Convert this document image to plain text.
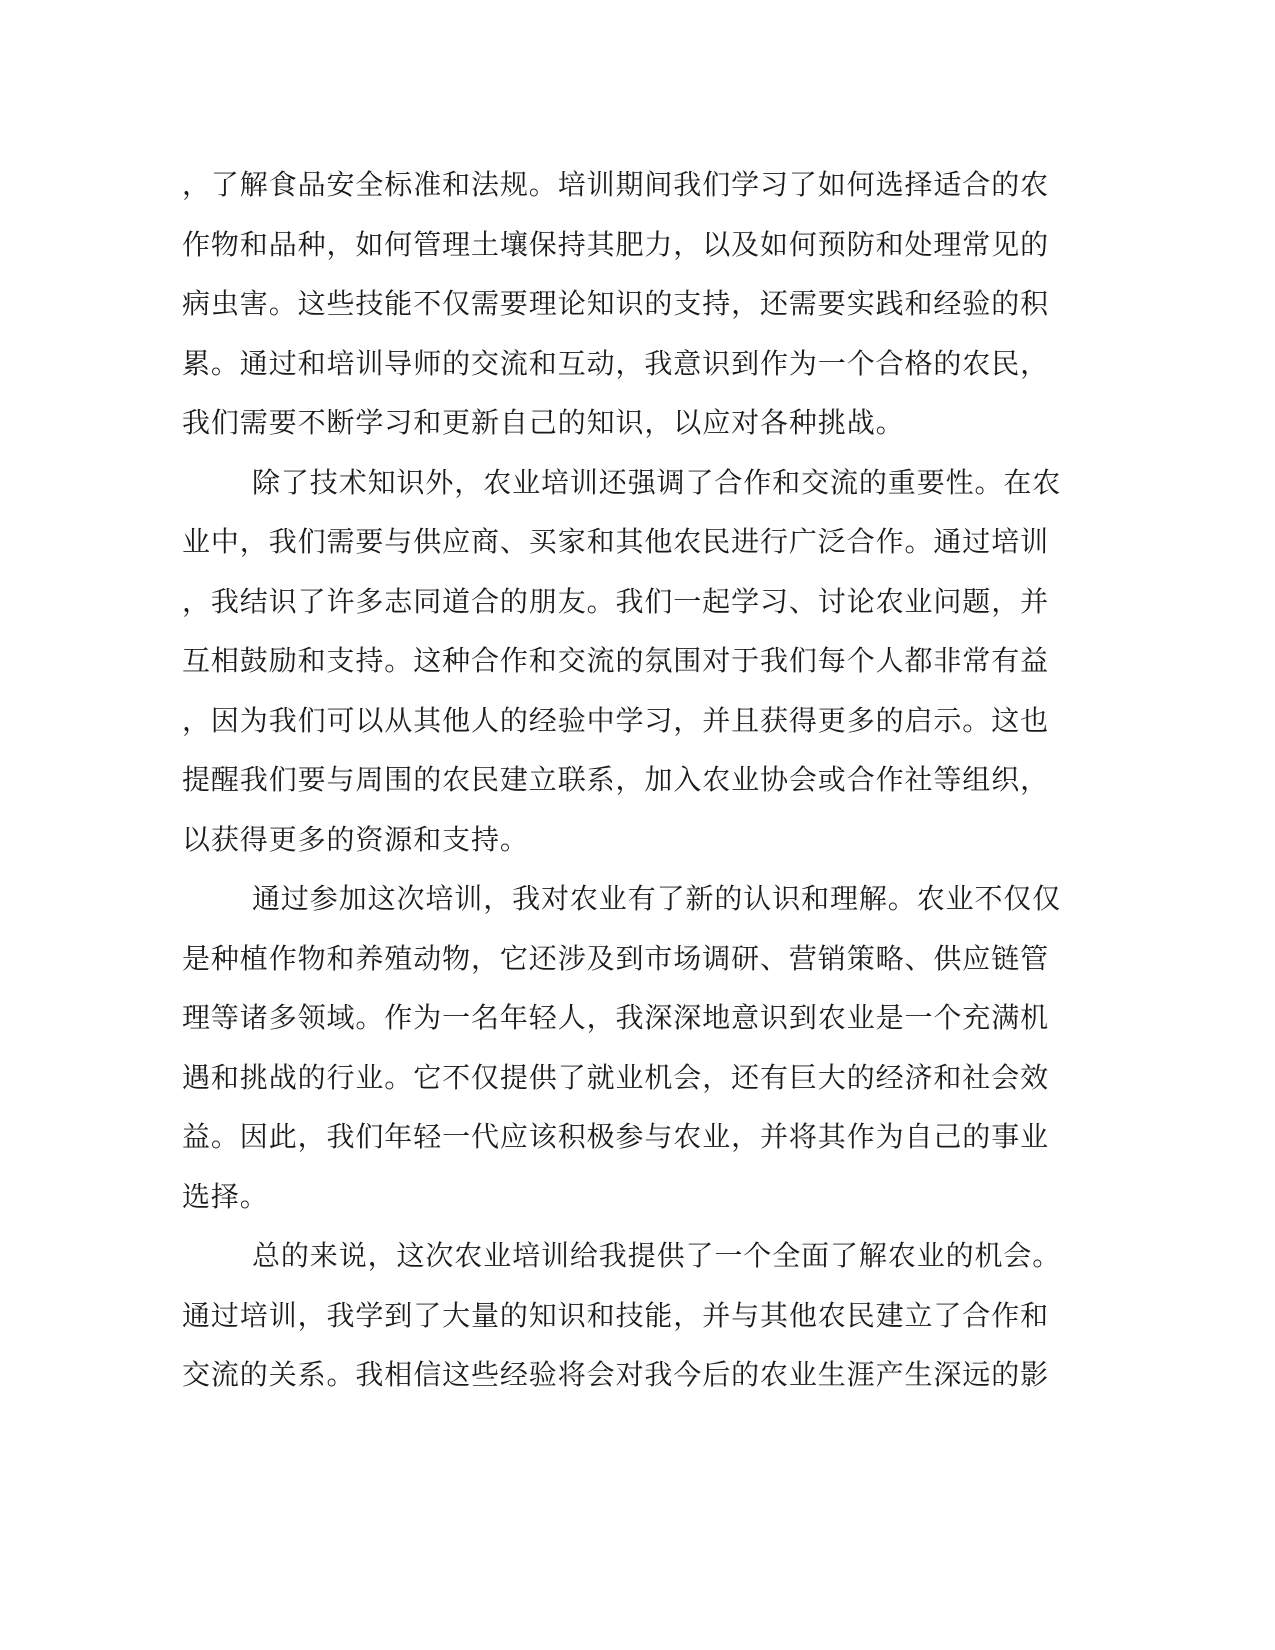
，了解食品安全标准和法规。培训期间我们学习了如何选择适合的农
作物和品种，如何管理土壤保持其肥力，以及如何预防和处理常见的
病虫害。这些技能不仅需要理论知识的支持，还需要实践和经验的积
累。通过和培训导师的交流和互动，我意识到作为一个合格的农民，
我们需要不断学习和更新自己的知识，以应对各种挑战。
除了技术知识外，农业培训还强调了合作和交流的重要性。在农
业中，我们需要与供应商、买家和其他农民进行广泛合作。通过培训
，我结识了许多志同道合的朋友。我们一起学习、讨论农业问题，并
互相鼓励和支持。这种合作和交流的氛围对于我们每个人都非常有益
，因为我们可以从其他人的经验中学习，并且获得更多的启示。这也
提醒我们要与周围的农民建立联系，加入农业协会或合作社等组织，
以获得更多的资源和支持。
通过参加这次培训，我对农业有了新的认识和理解。农业不仅仅
是种植作物和养殖动物，它还涉及到市场调研、营销策略、供应链管
理等诸多领域。作为一名年轻人，我深深地意识到农业是一个充满机
遇和挑战的行业。它不仅提供了就业机会，还有巨大的经济和社会效
益。因此，我们年轻一代应该积极参与农业，并将其作为自己的事业
选择。
总的来说，这次农业培训给我提供了一个全面了解农业的机会。
通过培训，我学到了大量的知识和技能，并与其他农民建立了合作和
交流的关系。我相信这些经验将会对我今后的农业生涯产生深远的影
